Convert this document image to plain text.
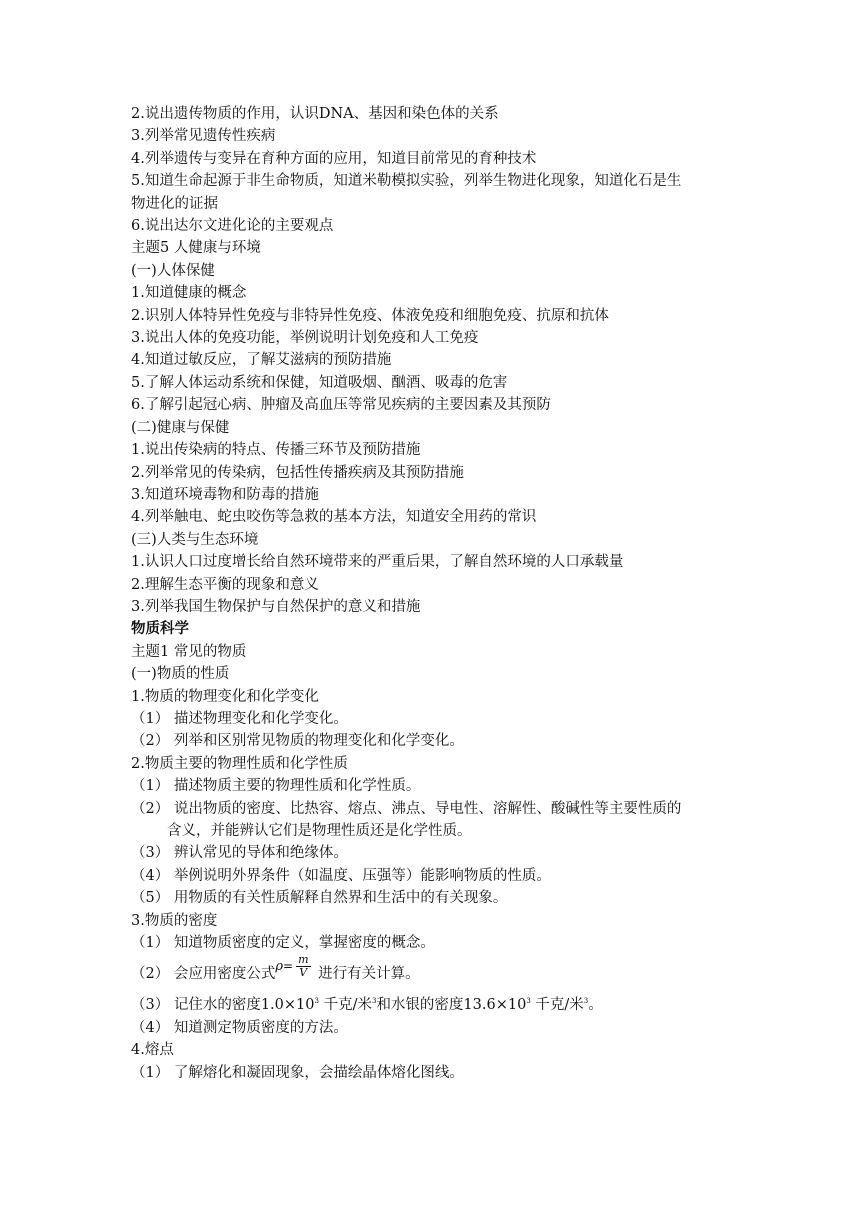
2.说出遗传物质的作用，认识DNA、基因和染色体的关系
3.列举常见遗传性疾病
4.列举遗传与变异在育种方面的应用，知道目前常见的育种技术
5.知道生命起源于非生命物质，知道米勒模拟实验，列举生物进化现象，知道化石是生
物进化的证据
6.说出达尔文进化论的主要观点
主题5 人健康与环境
(一)人体保健
1.知道健康的概念
2.识别人体特异性免疫与非特异性免疫、体液免疫和细胞免疫、抗原和抗体
3.说出人体的免疫功能，举例说明计划免疫和人工免疫
4.知道过敏反应，了解艾滋病的预防措施
5.了解人体运动系统和保健，知道吸烟、酗酒、吸毒的危害
6.了解引起冠心病、肿瘤及高血压等常见疾病的主要因素及其预防
(二)健康与保健
1.说出传染病的特点、传播三环节及预防措施
2.列举常见的传染病，包括性传播疾病及其预防措施
3.知道环境毒物和防毒的措施
4.列举触电、蛇虫咬伤等急救的基本方法，知道安全用药的常识
(三)人类与生态环境
1.认识人口过度增长给自然环境带来的严重后果，了解自然环境的人口承载量
2.理解生态平衡的现象和意义
3.列举我国生物保护与自然保护的意义和措施
物质科学
主题1 常见的物质
(一)物质的性质
1.物质的物理变化和化学变化
（1） 描述物理变化和化学变化。
（2） 列举和区别常见物质的物理变化和化学变化。
2.物质主要的物理性质和化学性质
（1） 描述物质主要的物理性质和化学性质。
（2） 说出物质的密度、比热容、熔点、沸点、导电性、溶解性、酸碱性等主要性质的
含义，并能辨认它们是物理性质还是化学性质。
（3） 辨认常见的导体和绝缘体。
（4） 举例说明外界条件（如温度、压强等）能影响物质的性质。
（5） 用物质的有关性质解释自然界和生活中的有关现象。
3.物质的密度
（1） 知道物质密度的定义，掌握密度的概念。
（2） 会应用密度公式$\rho^= \frac{m}{V}$ 进行有关计算。
（3） 记住水的密度$1.0\times 10^3$ 千克/米$^3$和水银的密度$13.6\times 10^3$ 千克/米$^3$。
（4） 知道测定物质密度的方法。
4.熔点
（1） 了解熔化和凝固现象，会描绘晶体熔化图线。
